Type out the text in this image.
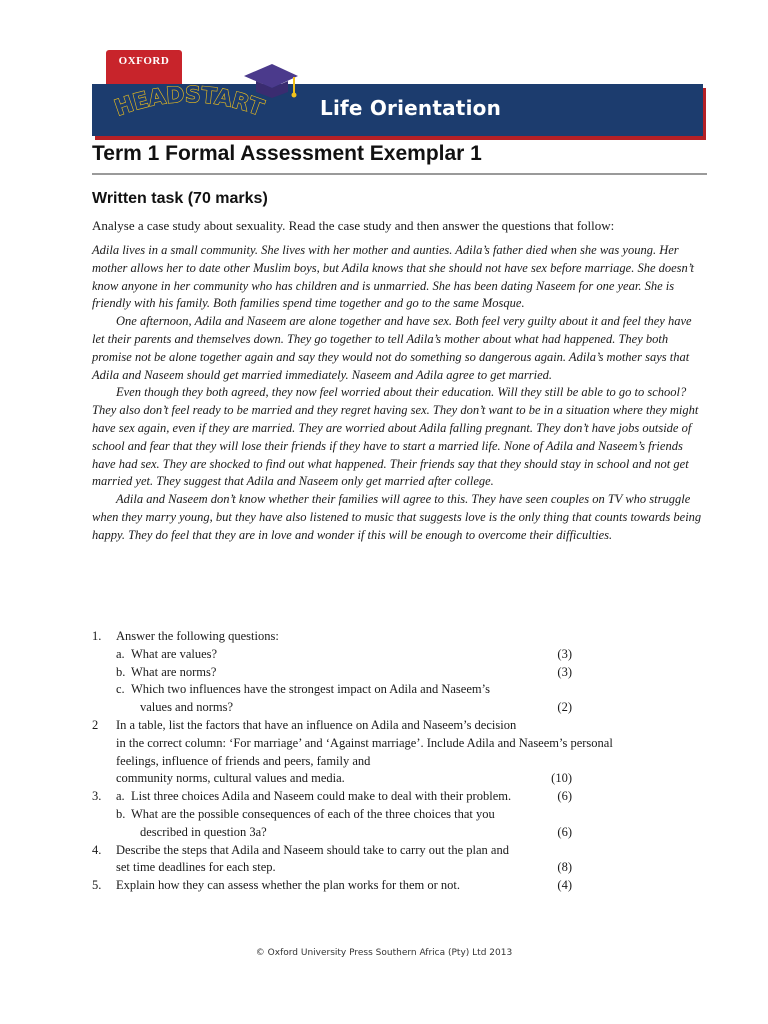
OXFORD
Life Orientation
HEADSTART
Term 1 Formal Assessment Exemplar 1
Written task (70 marks)
Analyse a case study about sexuality. Read the case study and then answer the questions that follow:

Adila lives in a small community. She lives with her mother and aunties. Adila’s father died when she was young. Her mother allows her to date other Muslim boys, but Adila knows that she should not have sex before marriage. She doesn’t know anyone in her community who has children and is unmarried. She has been dating Naseem for one year. She is friendly with his family. Both families spend time together and go to the same Mosque.

One afternoon, Adila and Naseem are alone together and have sex. Both feel very guilty about it and feel they have let their parents and themselves down. They go together to tell Adila’s mother about what had happened. They both promise not be alone together again and say they would not do something so dangerous again. Adila’s mother says that Adila and Naseem should get married immediately. Naseem and Adila agree to get married.

Even though they both agreed, they now feel worried about their education. Will they still be able to go to school? They also don’t feel ready to be married and they regret having sex. They don’t want to be in a situation where they might have sex again, even if they are married. They are worried about Adila falling pregnant. They don’t have jobs outside of school and fear that they will lose their friends if they have to start a married life. None of Adila and Naseem’s friends have had sex. They are shocked to find out what happened. Their friends say that they should stay in school and not get married yet. They suggest that Adila and Naseem only get married after college.

Adila and Naseem don’t know whether their families will agree to this. They have seen couples on TV who struggle when they marry young, but they have also listened to music that suggests love is the only thing that counts towards being happy. They do feel that they are in love and wonder if this will be enough to overcome their difficulties.

1. Answer the following questions:
a. What are values?	(3)
b. What are norms?	(3)
c. Which two influences have the strongest impact on Adila and Naseem’s
values and norms?	(2)
2 In a table, list the factors that have an influence on Adila and Naseem’s decision
in the correct column: ‘For marriage’ and ‘Against marriage’. Include Adila and Naseem’s personal
feelings, influence of friends and peers, family and
community norms, cultural values and media.	(10)
3. a. List three choices Adila and Naseem could make to deal with their problem.	(6)
b. What are the possible consequences of each of the three choices that you
described in question 3a?	(6)
4. Describe the steps that Adila and Naseem should take to carry out the plan and
set time deadlines for each step.	(8)
5. Explain how they can assess whether the plan works for them or not.	(4)
© Oxford University Press Southern Africa (Pty) Ltd 2013
